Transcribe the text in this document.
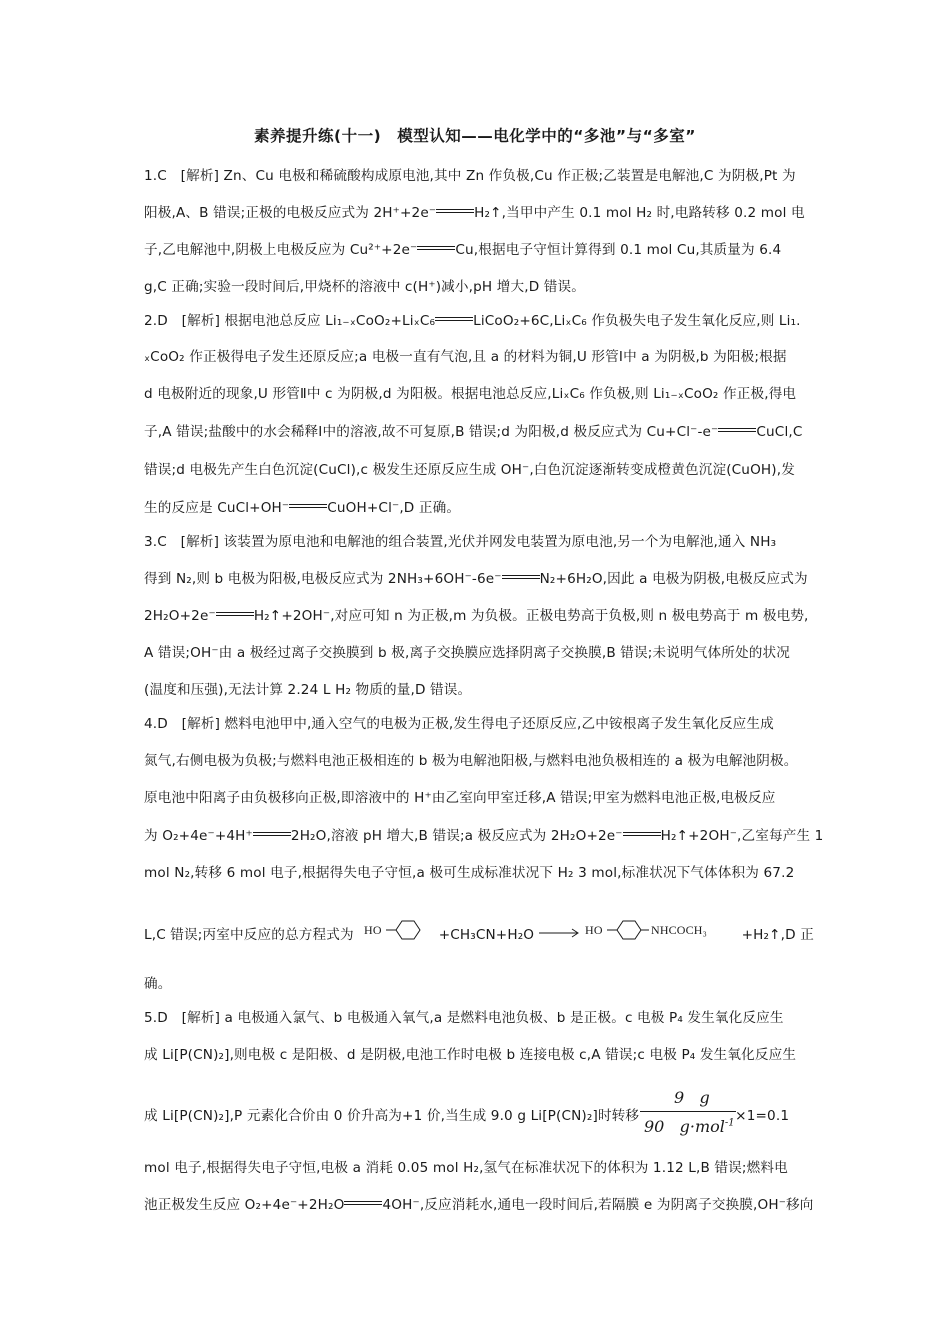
素养提升练(十一)　模型认知——电化学中的“多池”与“多室”
1.C　[解析] Zn、Cu 电极和稀硫酸构成原电池,其中 Zn 作负极,Cu 作正极;乙装置是电解池,C 为阴极,Pt 为
阳极,A、B 错误;正极的电极反应式为 2H⁺+2e⁻	H₂↑,当甲中产生 0.1 mol H₂ 时,电路转移 0.2 mol 电
子,乙电解池中,阴极上电极反应为 Cu²⁺+2e⁻	Cu,根据电子守恒计算得到 0.1 mol Cu,其质量为 6.4
g,C 正确;实验一段时间后,甲烧杯的溶液中 c(H⁺)减小,pH 增大,D 错误。
2.D　[解析] 根据电池总反应 Li₁₋ₓCoO₂+LiₓC₆	LiCoO₂+6C,LiₓC₆ 作负极失电子发生氧化反应,则 Li₁.
ₓCoO₂ 作正极得电子发生还原反应;a 电极一直有气泡,且 a 的材料为铜,U 形管Ⅰ中 a 为阴极,b 为阳极;根据
d 电极附近的现象,U 形管Ⅱ中 c 为阴极,d 为阳极。根据电池总反应,LiₓC₆ 作负极,则 Li₁₋ₓCoO₂ 作正极,得电
子,A 错误;盐酸中的水会稀释Ⅰ中的溶液,故不可复原,B 错误;d 为阳极,d 极反应式为 Cu+Cl⁻-e⁻	CuCl,C
错误;d 电极先产生白色沉淀(CuCl),c 极发生还原反应生成 OH⁻,白色沉淀逐渐转变成橙黄色沉淀(CuOH),发
生的反应是 CuCl+OH⁻	CuOH+Cl⁻,D 正确。
3.C　[解析] 该装置为原电池和电解池的组合装置,光伏并网发电装置为原电池,另一个为电解池,通入 NH₃
得到 N₂,则 b 电极为阳极,电极反应式为 2NH₃+6OH⁻-6e⁻	N₂+6H₂O,因此 a 电极为阴极,电极反应式为
2H₂O+2e⁻	H₂↑+2OH⁻,对应可知 n 为正极,m 为负极。正极电势高于负极,则 n 极电势高于 m 极电势,
A 错误;OH⁻由 a 极经过离子交换膜到 b 极,离子交换膜应选择阴离子交换膜,B 错误;未说明气体所处的状况
(温度和压强),无法计算 2.24 L H₂ 物质的量,D 错误。
4.D　[解析] 燃料电池甲中,通入空气的电极为正极,发生得电子还原反应,乙中铵根离子发生氧化反应生成
氮气,右侧电极为负极;与燃料电池正极相连的 b 极为电解池阳极,与燃料电池负极相连的 a 极为电解池阴极。
原电池中阳离子由负极移向正极,即溶液中的 H⁺由乙室向甲室迁移,A 错误;甲室为燃料电池正极,电极反应
为 O₂+4e⁻+4H⁺	2H₂O,溶液 pH 增大,B 错误;a 极反应式为 2H₂O+2e⁻	H₂↑+2OH⁻,乙室每产生 1
mol N₂,转移 6 mol 电子,根据得失电子守恒,a 极可生成标准状况下 H₂ 3 mol,标准状况下气体体积为 67.2
L,C 错误;丙室中反应的总方程式为 HO	+CH₃CN+H₂O → HO	NHCOCH₃	+H₂↑,D 正
确。
5.D　[解析] a 电极通入氯气、b 电极通入氧气,a 是燃料电池负极、b 是正极。c 电极 P₄ 发生氧化反应生
成 Li[P(CN)₂],则电极 c 是阳极、d 是阴极,电池工作时电极 b 连接电极 c,A 错误;c 电极 P₄ 发生氧化反应生
成 Li[P(CN)₂],P 元素化合价由 0 价升高为+1 价,当生成 9.0 g Li[P(CN)₂]时转移	×1=0.1
9   g
90   g·mol$^{-1}$
mol 电子,根据得失电子守恒,电极 a 消耗 0.05 mol H₂,氢气在标准状况下的体积为 1.12 L,B 错误;燃料电
池正极发生反应 O₂+4e⁻+2H₂O	4OH⁻,反应消耗水,通电一段时间后,若隔膜 e 为阴离子交换膜,OH⁻移向
